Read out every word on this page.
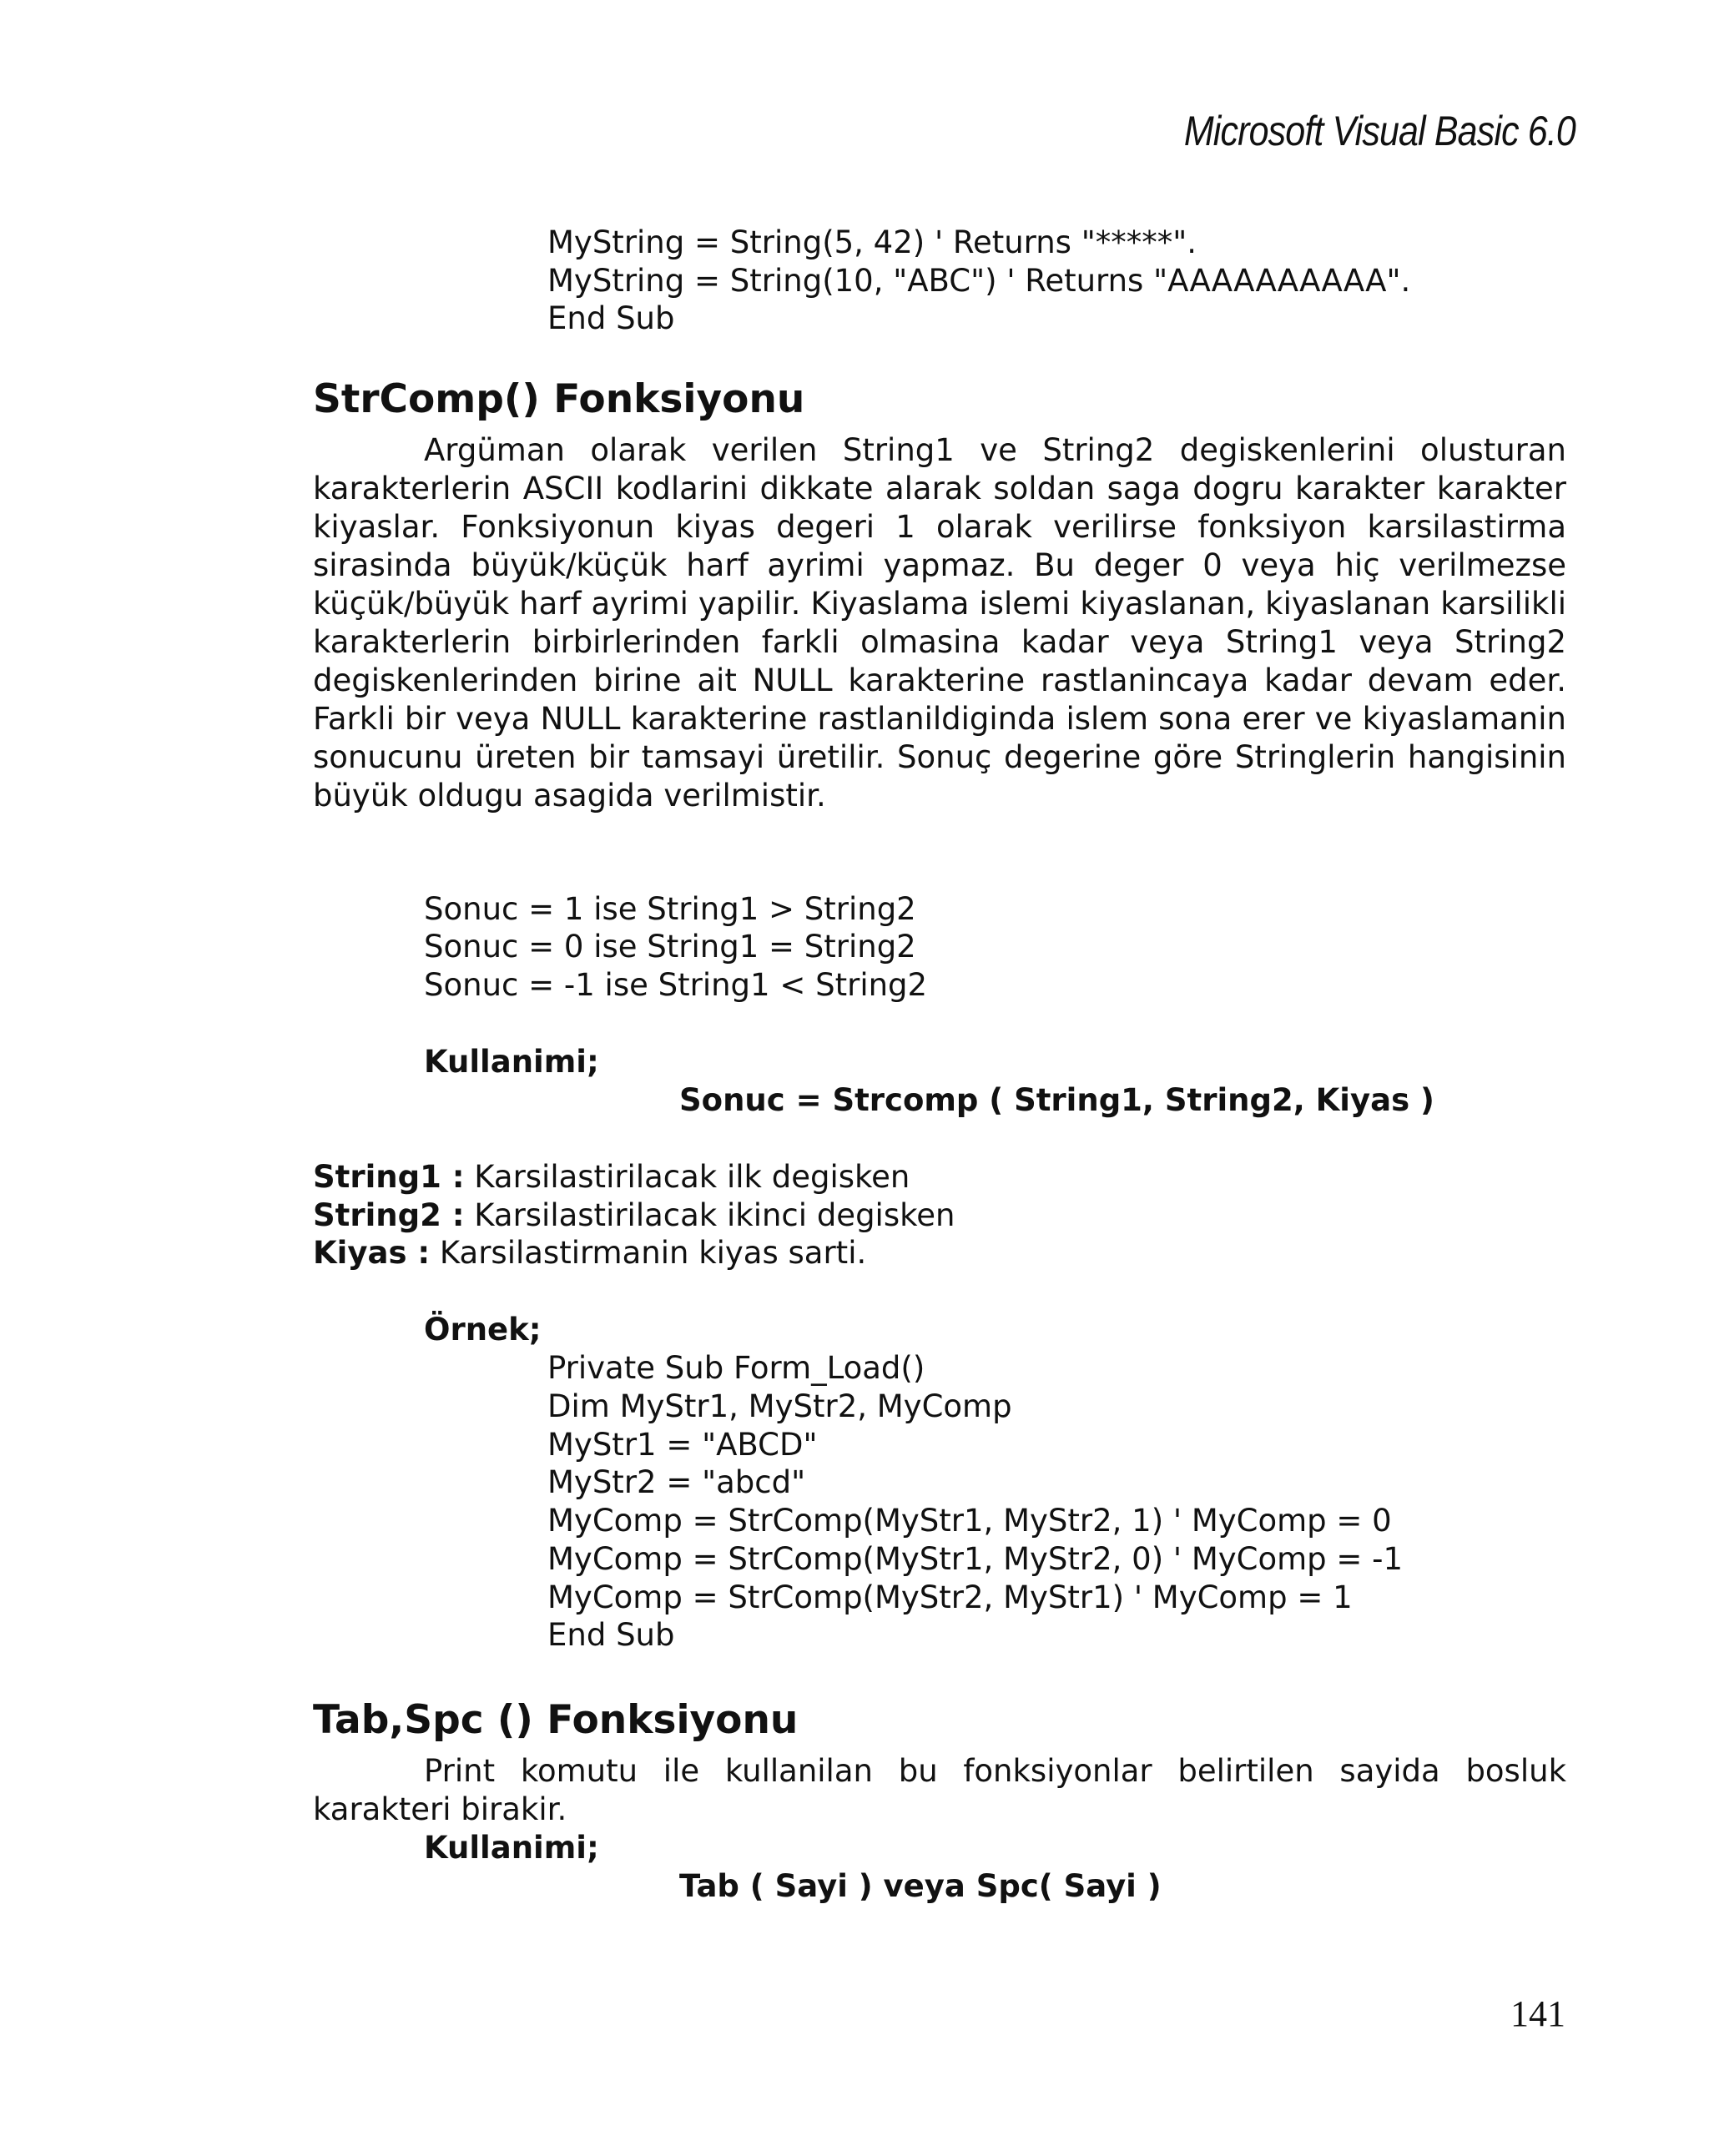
Microsoft Visual Basic 6.0
MyString = String(5, 42) ' Returns "*****".
MyString = String(10, "ABC") ' Returns "AAAAAAAAAA".
End Sub
StrComp() Fonksiyonu
Argüman olarak verilen String1 ve String2 degiskenlerini olusturan karakterlerin ASCII kodlarini dikkate alarak soldan saga dogru karakter karakter kiyaslar. Fonksiyonun kiyas degeri 1 olarak verilirse fonksiyon karsilastirma sirasinda büyük/küçük harf ayrimi yapmaz. Bu deger 0 veya hiç verilmezse küçük/büyük harf ayrimi yapilir. Kiyaslama islemi kiyaslanan, kiyaslanan karsilikli karakterlerin birbirlerinden farkli olmasina kadar veya String1 veya String2 degiskenlerinden birine ait NULL karakterine rastlanincaya kadar devam eder. Farkli bir veya NULL karakterine rastlanildiginda islem sona erer ve kiyaslamanin sonucunu üreten bir tamsayi üretilir. Sonuç degerine göre Stringlerin hangisinin büyük oldugu asagida verilmistir.
Sonuc = 1 ise String1 > String2
Sonuc = 0 ise String1 = String2
Sonuc = -1 ise String1 < String2
Kullanimi;
Sonuc = Strcomp ( String1, String2, Kiyas )
String1 : Karsilastirilacak ilk degisken
String2 : Karsilastirilacak ikinci degisken
Kiyas : Karsilastirmanin kiyas sarti.
Örnek;
Private Sub Form_Load()
Dim MyStr1, MyStr2, MyComp
MyStr1 = "ABCD"
MyStr2 = "abcd"
MyComp = StrComp(MyStr1, MyStr2, 1) ' MyComp = 0
MyComp = StrComp(MyStr1, MyStr2, 0) ' MyComp = -1
MyComp = StrComp(MyStr2, MyStr1) ' MyComp = 1
End Sub
Tab,Spc () Fonksiyonu
Print komutu ile kullanilan bu fonksiyonlar belirtilen sayida bosluk karakteri birakir.
Kullanimi;
Tab ( Sayi ) veya Spc( Sayi )
141
